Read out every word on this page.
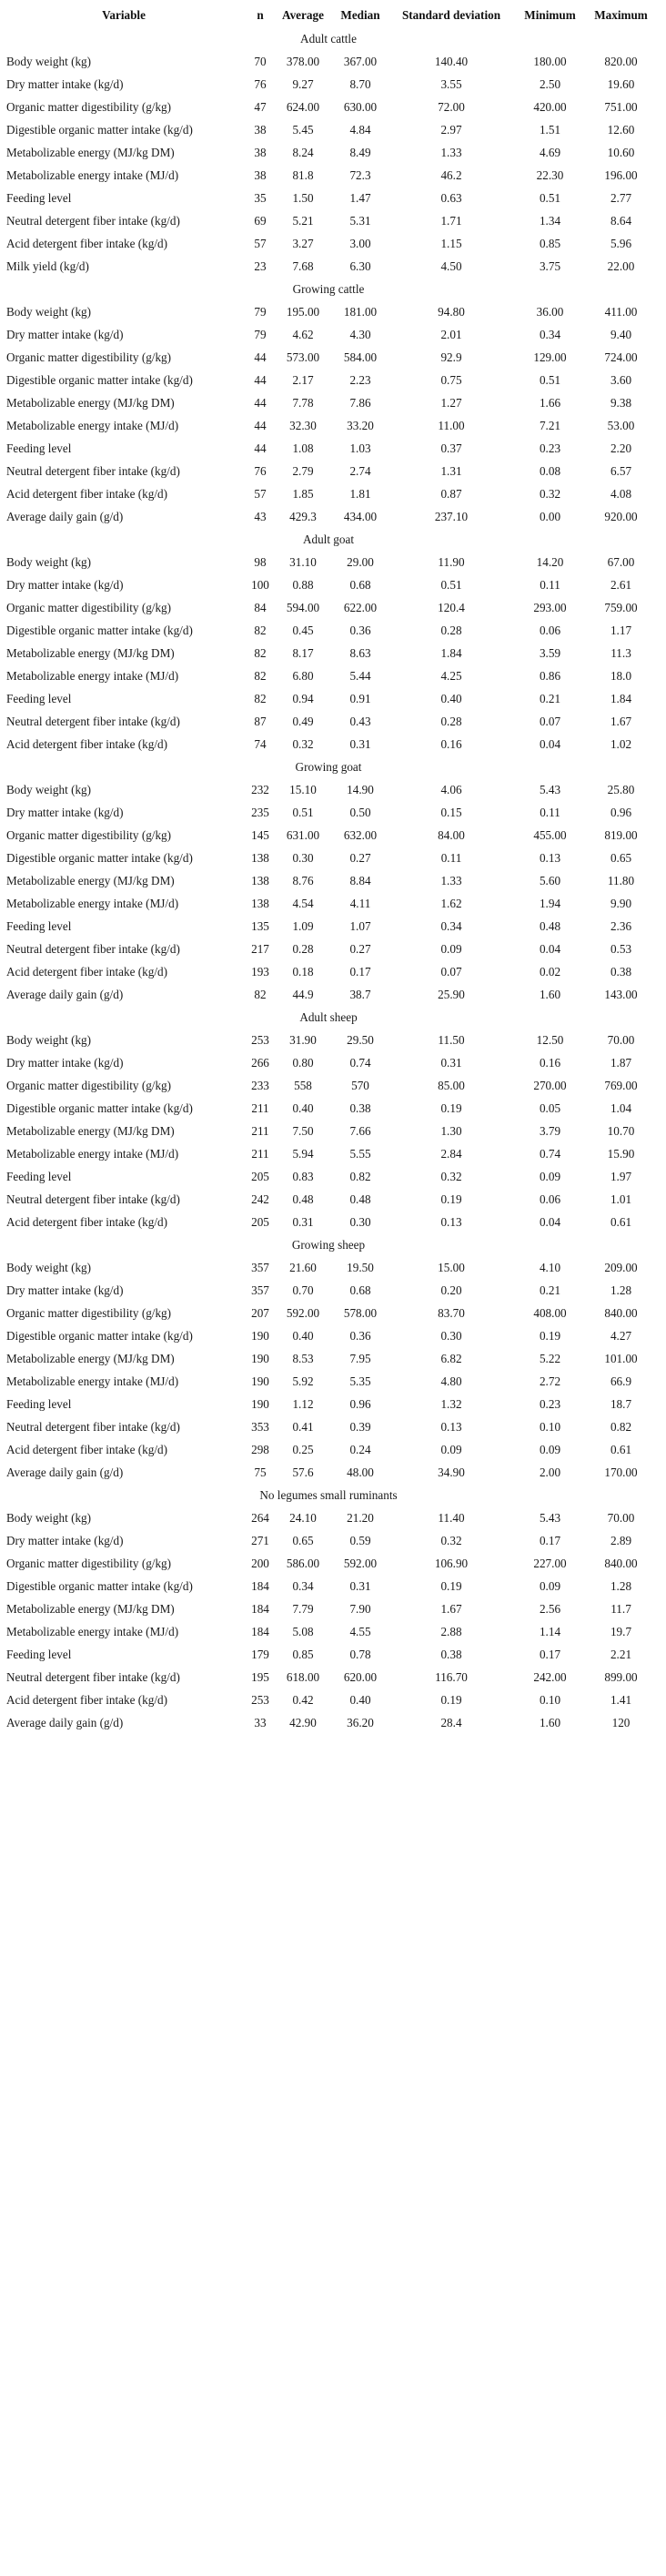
Variable	n	Average	Median	Standard deviation	Minimum	Maximum
Adult cattle						
Body weight (kg)	70	378.00	367.00	140.40	180.00	820.00
Dry matter intake (kg/d)	76	9.27	8.70	3.55	2.50	19.60
Organic matter digestibility (g/kg)	47	624.00	630.00	72.00	420.00	751.00
Digestible organic matter intake (kg/d)	38	5.45	4.84	2.97	1.51	12.60
Metabolizable energy (MJ/kg DM)	38	8.24	8.49	1.33	4.69	10.60
Metabolizable energy intake (MJ/d)	38	81.8	72.3	46.2	22.30	196.00
Feeding level	35	1.50	1.47	0.63	0.51	2.77
Neutral detergent fiber intake (kg/d)	69	5.21	5.31	1.71	1.34	8.64
Acid detergent fiber intake (kg/d)	57	3.27	3.00	1.15	0.85	5.96
Milk yield (kg/d)	23	7.68	6.30	4.50	3.75	22.00
Growing cattle						
Body weight (kg)	79	195.00	181.00	94.80	36.00	411.00
Dry matter intake (kg/d)	79	4.62	4.30	2.01	0.34	9.40
Organic matter digestibility (g/kg)	44	573.00	584.00	92.9	129.00	724.00
Digestible organic matter intake (kg/d)	44	2.17	2.23	0.75	0.51	3.60
Metabolizable energy (MJ/kg DM)	44	7.78	7.86	1.27	1.66	9.38
Metabolizable energy intake (MJ/d)	44	32.30	33.20	11.00	7.21	53.00
Feeding level	44	1.08	1.03	0.37	0.23	2.20
Neutral detergent fiber intake (kg/d)	76	2.79	2.74	1.31	0.08	6.57
Acid detergent fiber intake (kg/d)	57	1.85	1.81	0.87	0.32	4.08
Average daily gain (g/d)	43	429.3	434.00	237.10	0.00	920.00
Adult goat						
Body weight (kg)	98	31.10	29.00	11.90	14.20	67.00
Dry matter intake (kg/d)	100	0.88	0.68	0.51	0.11	2.61
Organic matter digestibility (g/kg)	84	594.00	622.00	120.4	293.00	759.00
Digestible organic matter intake (kg/d)	82	0.45	0.36	0.28	0.06	1.17
Metabolizable energy (MJ/kg DM)	82	8.17	8.63	1.84	3.59	11.3
Metabolizable energy intake (MJ/d)	82	6.80	5.44	4.25	0.86	18.0
Feeding level	82	0.94	0.91	0.40	0.21	1.84
Neutral detergent fiber intake (kg/d)	87	0.49	0.43	0.28	0.07	1.67
Acid detergent fiber intake (kg/d)	74	0.32	0.31	0.16	0.04	1.02
Growing goat						
Body weight (kg)	232	15.10	14.90	4.06	5.43	25.80
Dry matter intake (kg/d)	235	0.51	0.50	0.15	0.11	0.96
Organic matter digestibility (g/kg)	145	631.00	632.00	84.00	455.00	819.00
Digestible organic matter intake (kg/d)	138	0.30	0.27	0.11	0.13	0.65
Metabolizable energy (MJ/kg DM)	138	8.76	8.84	1.33	5.60	11.80
Metabolizable energy intake (MJ/d)	138	4.54	4.11	1.62	1.94	9.90
Feeding level	135	1.09	1.07	0.34	0.48	2.36
Neutral detergent fiber intake (kg/d)	217	0.28	0.27	0.09	0.04	0.53
Acid detergent fiber intake (kg/d)	193	0.18	0.17	0.07	0.02	0.38
Average daily gain (g/d)	82	44.9	38.7	25.90	1.60	143.00
Adult sheep						
Body weight (kg)	253	31.90	29.50	11.50	12.50	70.00
Dry matter intake (kg/d)	266	0.80	0.74	0.31	0.16	1.87
Organic matter digestibility (g/kg)	233	558	570	85.00	270.00	769.00
Digestible organic matter intake (kg/d)	211	0.40	0.38	0.19	0.05	1.04
Metabolizable energy (MJ/kg DM)	211	7.50	7.66	1.30	3.79	10.70
Metabolizable energy intake (MJ/d)	211	5.94	5.55	2.84	0.74	15.90
Feeding level	205	0.83	0.82	0.32	0.09	1.97
Neutral detergent fiber intake (kg/d)	242	0.48	0.48	0.19	0.06	1.01
Acid detergent fiber intake (kg/d)	205	0.31	0.30	0.13	0.04	0.61
Growing sheep						
Body weight (kg)	357	21.60	19.50	15.00	4.10	209.00
Dry matter intake (kg/d)	357	0.70	0.68	0.20	0.21	1.28
Organic matter digestibility (g/kg)	207	592.00	578.00	83.70	408.00	840.00
Digestible organic matter intake (kg/d)	190	0.40	0.36	0.30	0.19	4.27
Metabolizable energy (MJ/kg DM)	190	8.53	7.95	6.82	5.22	101.00
Metabolizable energy intake (MJ/d)	190	5.92	5.35	4.80	2.72	66.9
Feeding level	190	1.12	0.96	1.32	0.23	18.7
Neutral detergent fiber intake (kg/d)	353	0.41	0.39	0.13	0.10	0.82
Acid detergent fiber intake (kg/d)	298	0.25	0.24	0.09	0.09	0.61
Average daily gain (g/d)	75	57.6	48.00	34.90	2.00	170.00
No legumes small ruminants						
Body weight (kg)	264	24.10	21.20	11.40	5.43	70.00
Dry matter intake (kg/d)	271	0.65	0.59	0.32	0.17	2.89
Organic matter digestibility (g/kg)	200	586.00	592.00	106.90	227.00	840.00
Digestible organic matter intake (kg/d)	184	0.34	0.31	0.19	0.09	1.28
Metabolizable energy (MJ/kg DM)	184	7.79	7.90	1.67	2.56	11.7
Metabolizable energy intake (MJ/d)	184	5.08	4.55	2.88	1.14	19.7
Feeding level	179	0.85	0.78	0.38	0.17	2.21
Neutral detergent fiber intake (kg/d)	195	618.00	620.00	116.70	242.00	899.00
Acid detergent fiber intake (kg/d)	253	0.42	0.40	0.19	0.10	1.41
Average daily gain (g/d)	33	42.90	36.20	28.4	1.60	120
